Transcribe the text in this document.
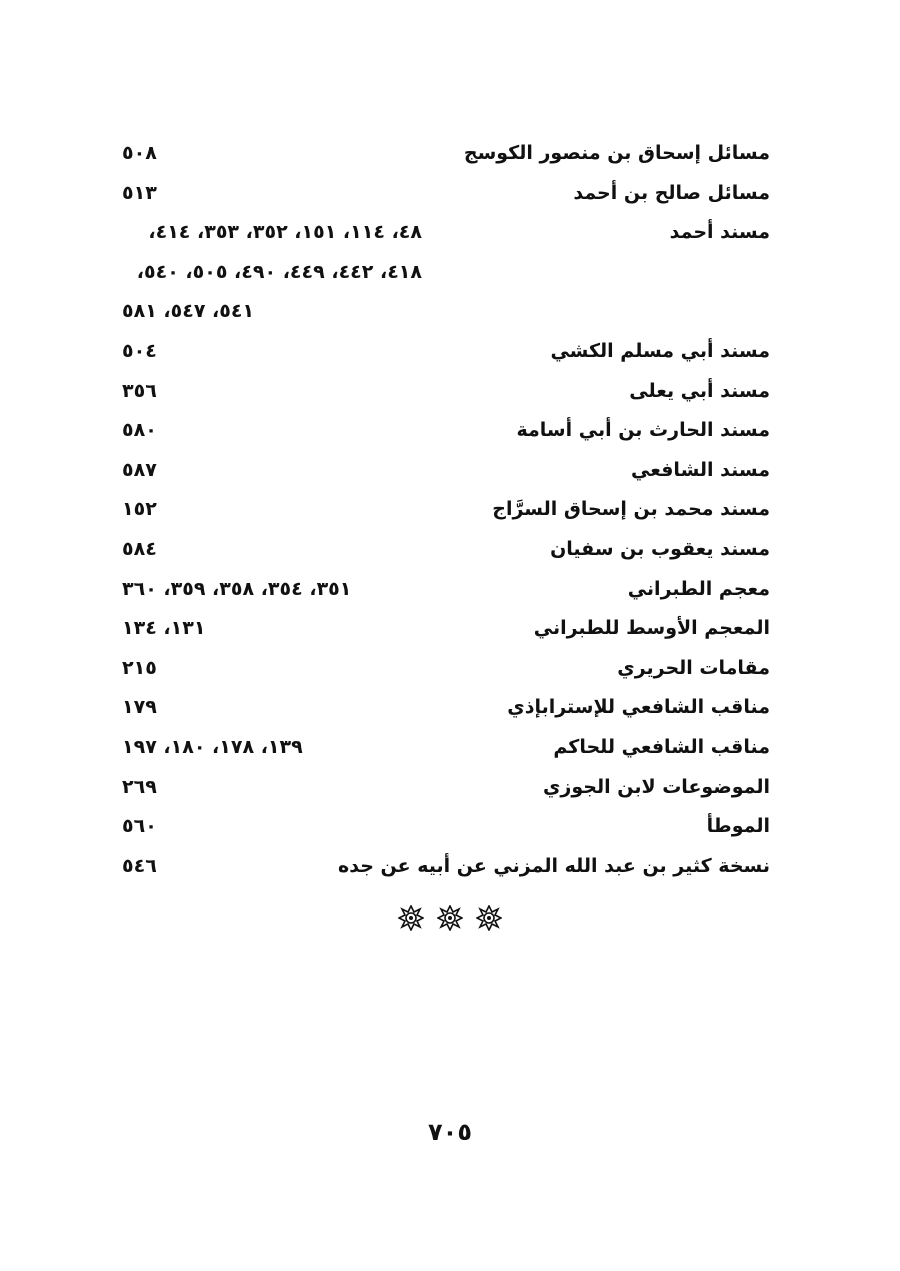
مسائل إسحاق بن منصور الكوسج
٥٠٨
مسائل صالح بن أحمد
٥١٣
مسند أحمد
٤٨، ١١٤، ١٥١، ٣٥٢، ٣٥٣، ٤١٤،
٤١٨، ٤٤٢، ٤٤٩، ٤٩٠، ٥٠٥، ٥٤٠،
٥٤١، ٥٤٧، ٥٨١
مسند أبي مسلم الكشي
٥٠٤
مسند أبي يعلى
٣٥٦
مسند الحارث بن أبي أسامة
٥٨٠
مسند الشافعي
٥٨٧
مسند محمد بن إسحاق السرَّاج
١٥٢
مسند يعقوب بن سفيان
٥٨٤
معجم الطبراني
٣٥١، ٣٥٤، ٣٥٨، ٣٥٩، ٣٦٠
المعجم الأوسط للطبراني
١٣١، ١٣٤
مقامات الحريري
٢١٥
مناقب الشافعي للإسترابإذي
١٧٩
مناقب الشافعي للحاكم
١٣٩، ١٧٨، ١٨٠، ١٩٧
الموضوعات لابن الجوزي
٢٦٩
الموطأ
٥٦٠
نسخة كثير بن عبد الله المزني عن أبيه عن جده
٥٤٦

٧٠٥
